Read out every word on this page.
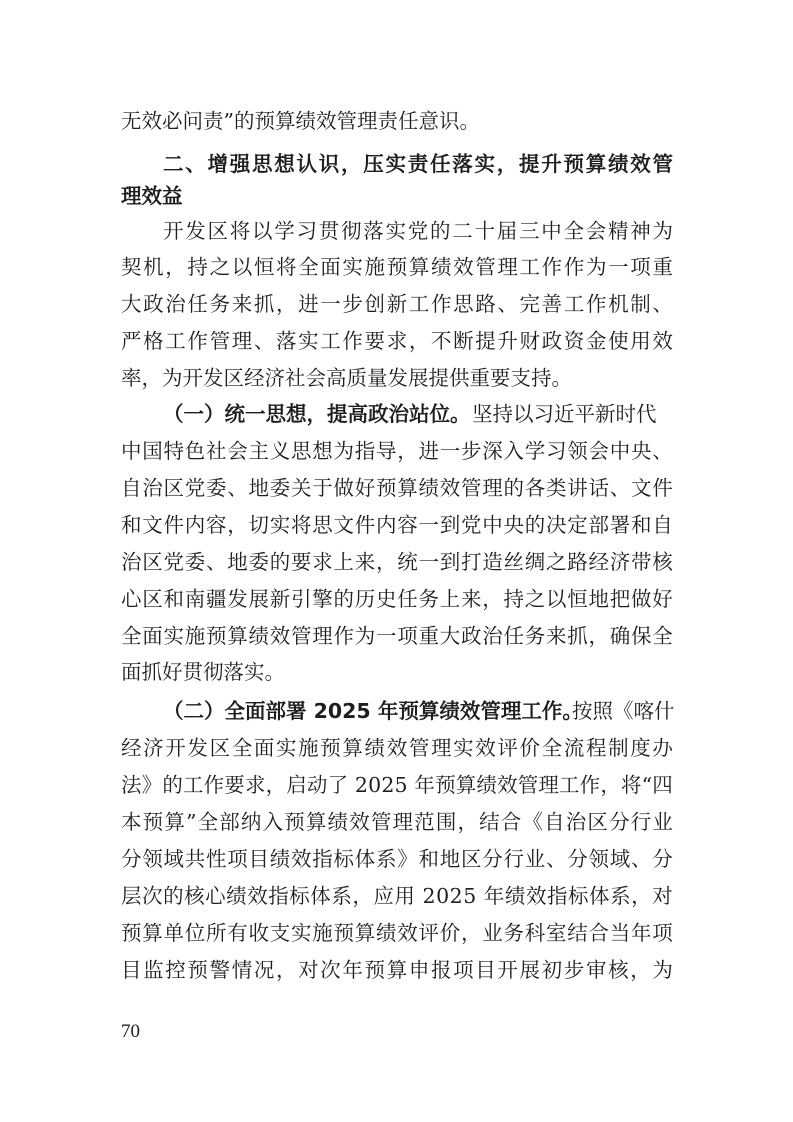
无效必问责”的预算绩效管理责任意识。
二 、 增 强 思 想 认 识 ， 压 实 责 任 落 实 ， 提 升 预 算 绩 效 管
理效益
开 发 区 将 以 学 习 贯 彻 落 实 党 的 二 十 届 三 中 全 会 精 神 为
契 机 ， 持 之 以 恒 将 全 面 实 施 预 算 绩 效 管 理 工 作 作 为 一 项 重
大 政 治 任 务 来 抓 ， 进 一 步 创 新 工 作 思 路 、 完 善 工 作 机 制 、
严 格 工 作 管 理 、 落 实 工 作 要 求 ， 不 断 提 升 财 政 资 金 使 用 效
率，为开发区经济社会高质量发展提供重要支持。
（一）统一思想，提高政治站位。 坚持以习近平新时代
中 国 特 色 社 会 主 义 思 想 为 指 导 ， 进 一 步 深 入 学 习 领 会 中 央 、
自 治 区 党 委 、 地 委 关 于 做 好 预 算 绩 效 管 理 的 各 类 讲 话 、 文 件
和 文 件 内 容 ， 切 实 将 思 文 件 内 容 一 到 党 中 央 的 决 定 部 署 和 自
治 区 党 委 、 地 委 的 要 求 上 来 ， 统 一 到 打 造 丝 绸 之 路 经 济 带 核
心 区 和 南 疆 发 展 新 引 擎 的 历 史 任 务 上 来 ， 持 之 以 恒 地 把 做 好
全 面 实 施 预 算 绩 效 管 理 作 为 一 项 重 大 政 治 任 务 来 抓 ， 确 保 全
面抓好贯彻落实。
（二）全面部署 2025 年预算绩效管理工作。
按照《喀什
经 济 开 发 区 全 面 实 施 预 算 绩 效 管 理 实 效 评 价 全 流 程 制 度 办
法 》 的 工 作 要 求 ， 启 动 了
2 0 2 5
年 预 算 绩 效 管 理 工 作 ， 将 “ 四
本 预 算 ” 全 部 纳 入 预 算 绩 效 管 理 范 围 ， 结 合 《 自 治 区 分 行 业
分 领 域 共 性 项 目 绩 效 指 标 体 系 》 和 地 区 分 行 业 、 分 领 域 、 分
层 次 的 核 心 绩 效 指 标 体 系 ， 应 用
2 0 2 5
年 绩 效 指 标 体 系 ， 对
预 算 单 位 所 有 收 支 实 施 预 算 绩 效 评 价 ， 业 务 科 室 结 合 当 年 项
目 监 控 预 警 情 况 ， 对 次 年 预 算 申 报 项 目 开 展 初 步 审 核 ， 为
70
